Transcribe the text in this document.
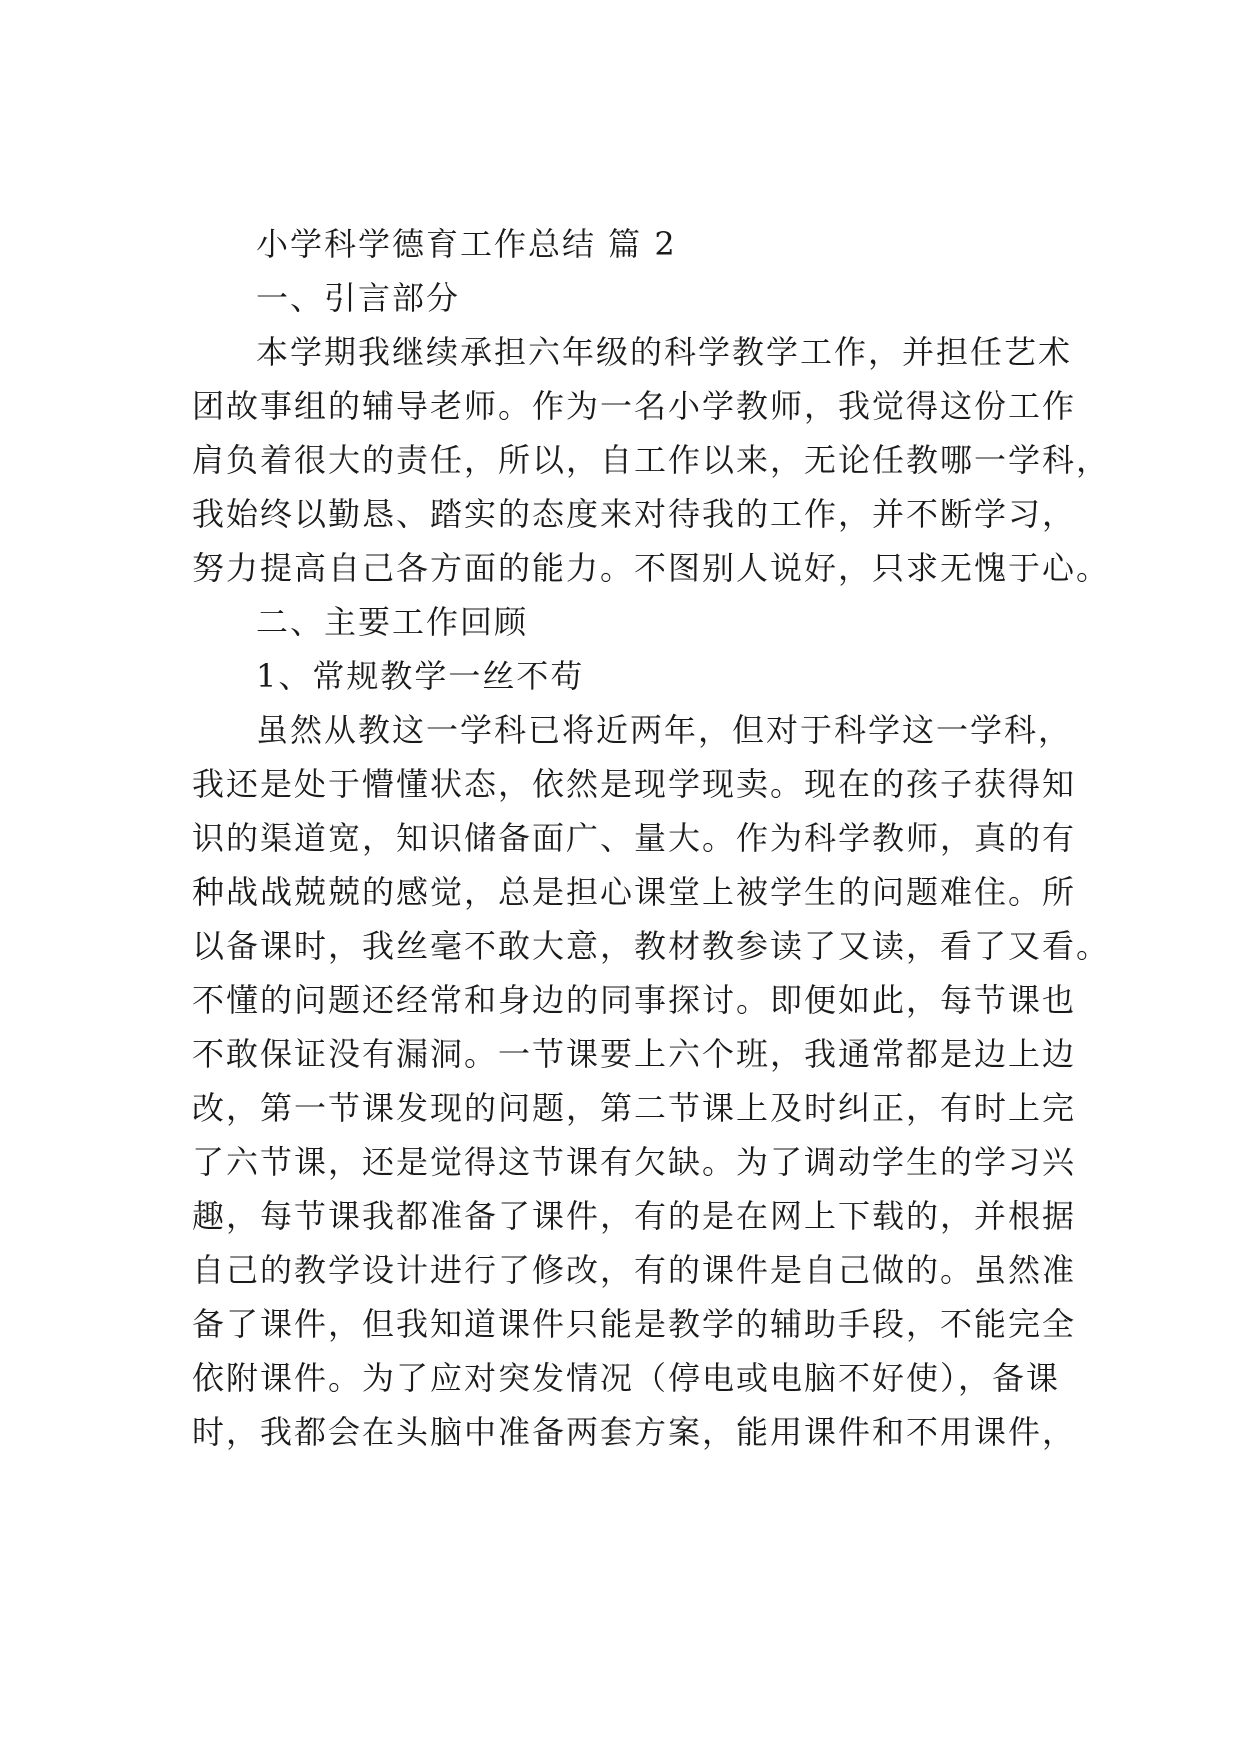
小学科学德育工作总结 篇 2
一、引言部分
本学期我继续承担六年级的科学教学工作，并担任艺术
团故事组的辅导老师。作为一名小学教师，我觉得这份工作
肩负着很大的责任，所以，自工作以来，无论任教哪一学科，
我始终以勤恳、踏实的态度来对待我的工作，并不断学习，
努力提高自己各方面的能力。不图别人说好，只求无愧于心。
二、主要工作回顾
1、常规教学一丝不苟
虽然从教这一学科已将近两年，但对于科学这一学科，
我还是处于懵懂状态，依然是现学现卖。现在的孩子获得知
识的渠道宽，知识储备面广、量大。作为科学教师，真的有
种战战兢兢的感觉，总是担心课堂上被学生的问题难住。所
以备课时，我丝毫不敢大意，教材教参读了又读，看了又看。
不懂的问题还经常和身边的同事探讨。即便如此，每节课也
不敢保证没有漏洞。一节课要上六个班，我通常都是边上边
改，第一节课发现的问题，第二节课上及时纠正，有时上完
了六节课，还是觉得这节课有欠缺。为了调动学生的学习兴
趣，每节课我都准备了课件，有的是在网上下载的，并根据
自己的教学设计进行了修改，有的课件是自己做的。虽然准
备了课件，但我知道课件只能是教学的辅助手段，不能完全
依附课件。为了应对突发情况（停电或电脑不好使），备课
时，我都会在头脑中准备两套方案，能用课件和不用课件，
